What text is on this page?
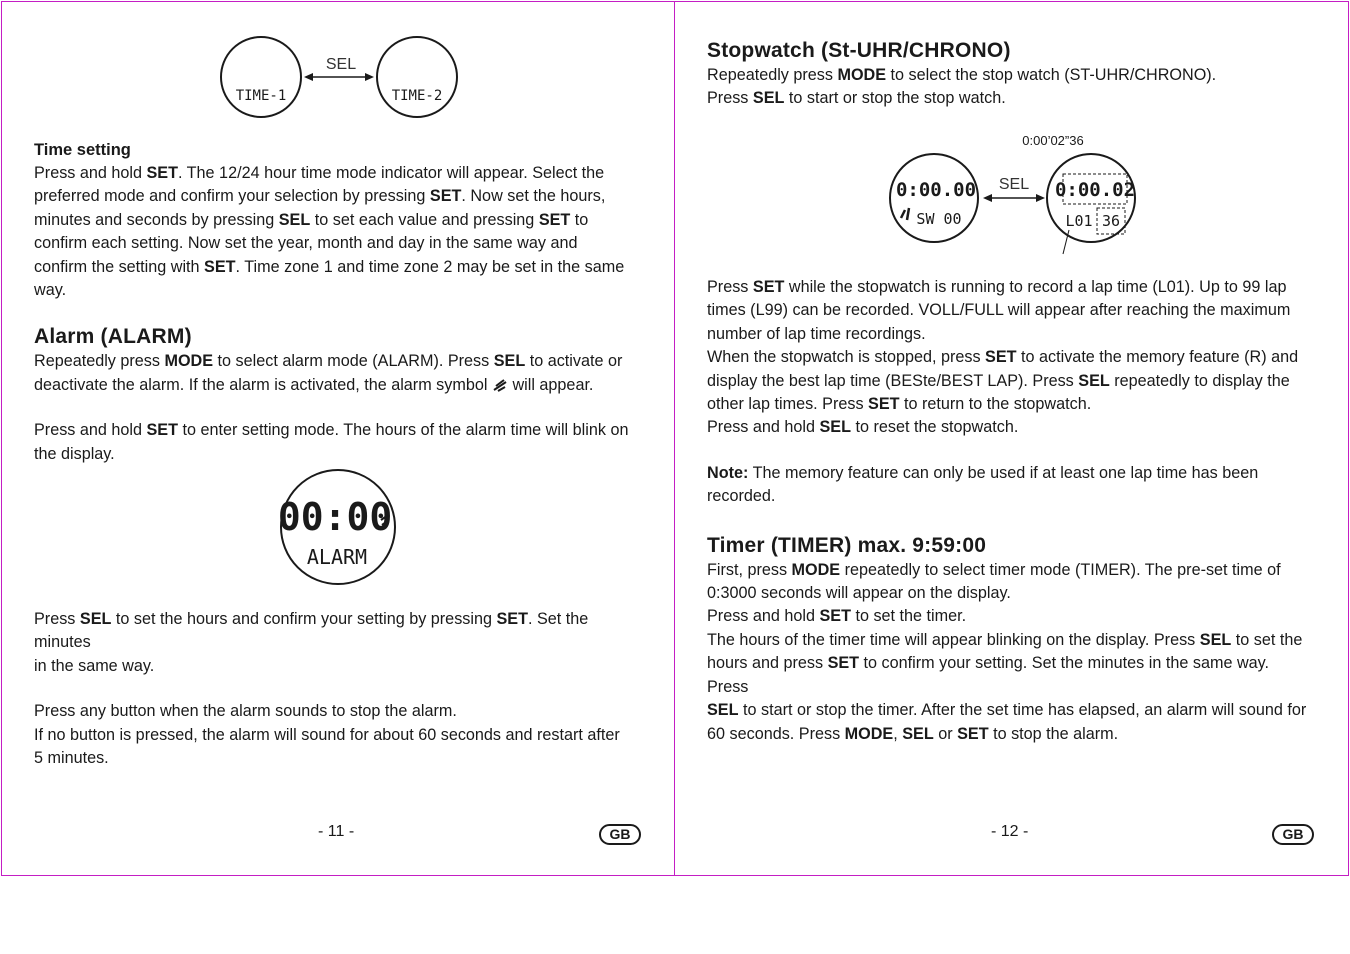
TIME-1	TIME-2
SEL
Time setting

Press and hold SET. The 12/24 hour time mode indicator will appear. Select the

preferred mode and confirm your selection by pressing SET. Now set the hours,

minutes and seconds by pressing SEL to set each value and pressing SET to

confirm each setting. Now set the year, month and day in the same way and

confirm the setting with SET. Time zone 1 and time zone 2 may be set in the same

way.

Alarm (ALARM)

Repeatedly press MODE to select alarm mode (ALARM). Press SEL to activate or

deactivate the alarm. If the alarm is activated, the alarm symbol  will appear.

Press and hold SET to enter setting mode. The hours of the alarm time will blink on

the display.

00:00
ALARM

Press SEL to set the hours and confirm your setting by pressing SET. Set the minutes

in the same way.

Press any button when the alarm sounds to stop the alarm.

If no button is pressed, the alarm will sound for about 60 seconds and restart after

5 minutes.

- 11 -	GB
Stopwatch (St-UHR/CHRONO)

Repeatedly press MODE to select the stop watch (ST-UHR/CHRONO).

Press SEL to start or stop the stop watch.

0:00’02”36
0:00.00
SW 00
SEL 0:00.02
L01 36

Press SET while the stopwatch is running to record a lap time (L01). Up to 99 lap

times (L99) can be recorded. VOLL/FULL will appear after reaching the maximum

number of lap time recordings.

When the stopwatch is stopped, press SET to activate the memory feature (R) and

display the best lap time (BESte/BEST LAP). Press SEL repeatedly to display the

other lap times. Press SET to return to the stopwatch.

Press and hold SEL to reset the stopwatch.

Note: The memory feature can only be used if at least one lap time has been

recorded.

Timer (TIMER) max. 9:59:00

First, press MODE repeatedly to select timer mode (TIMER). The pre-set time of

0:3000 seconds will appear on the display.

Press and hold SET to set the timer.

The hours of the timer time will appear blinking on the display. Press SEL to set the

hours and press SET to confirm your setting. Set the minutes in the same way. Press

SEL to start or stop the timer. After the set time has elapsed, an alarm will sound for

60 seconds. Press MODE, SEL or SET to stop the alarm.

- 12 -	GB
